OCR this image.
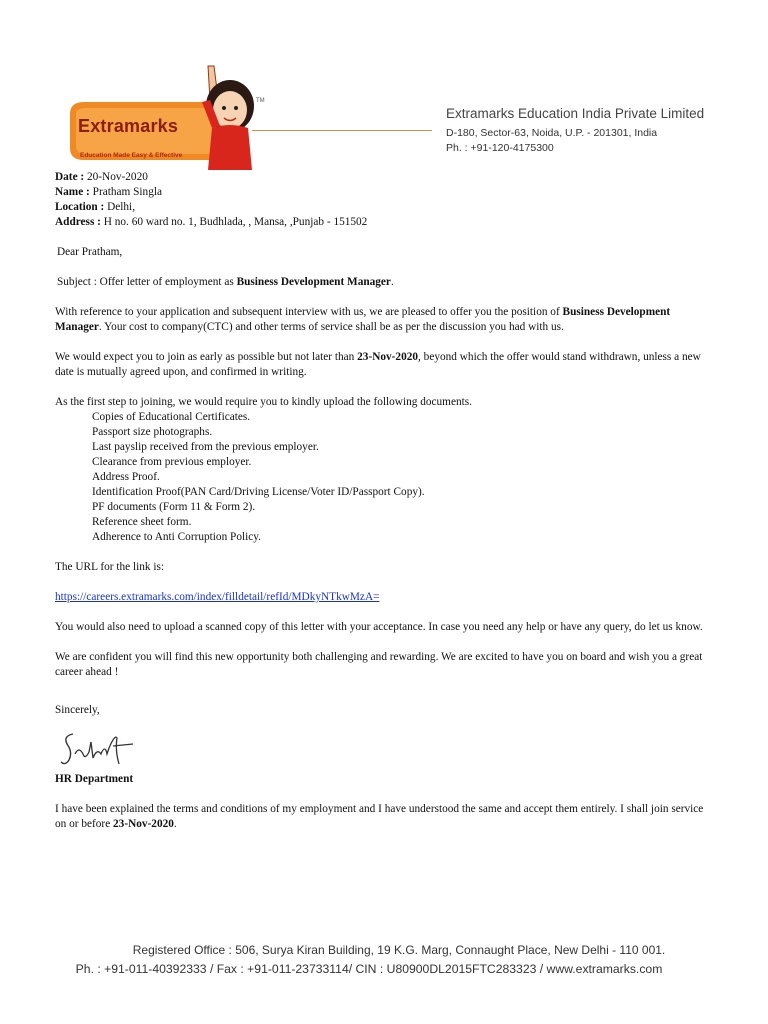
Extramarks
Education Made Easy & Effective
TM
Extramarks Education India Private Limited
D-180, Sector-63, Noida, U.P. - 201301, India
Ph. : +91-120-4175300

Date : 20-Nov-2020

Name : Pratham Singla

Location : Delhi,

Address : H no. 60 ward no. 1, Budhlada, , Mansa, ,Punjab - 151502

Dear Pratham,

Subject : Offer letter of employment as Business Development Manager.

With reference to your application and subsequent interview with us, we are pleased to offer you the position of Business Development Manager. Your cost to company(CTC) and other terms of service shall be as per the discussion you had with us.

We would expect you to join as early as possible but not later than 23-Nov-2020, beyond which the offer would stand withdrawn, unless a new date is mutually agreed upon, and confirmed in writing.

As the first step to joining, we would require you to kindly upload the following documents.

Copies of Educational Certificates.
Passport size photographs.
Last payslip received from the previous employer.
Clearance from previous employer.
Address Proof.
Identification Proof(PAN Card/Driving License/Voter ID/Passport Copy).
PF documents (Form 11 & Form 2).
Reference sheet form.
Adherence to Anti Corruption Policy.

The URL for the link is:

https://careers.extramarks.com/index/filldetail/refId/MDkyNTkwMzA=

You would also need to upload a scanned copy of this letter with your acceptance. In case you need any help or have any query, do let us know.

We are confident you will find this new opportunity both challenging and rewarding. We are excited to have you on board and wish you a great career ahead !

Sincerely,

HR Department

I have been explained the terms and conditions of my employment and I have understood the same and accept them entirely. I shall join service on or before 23-Nov-2020.

Registered Office : 506, Surya Kiran Building, 19 K.G. Marg, Connaught Place, New Delhi - 110 001.
Ph. : +91-011-40392333 / Fax : +91-011-23733114/ CIN : U80900DL2015FTC283323 / www.extramarks.com
